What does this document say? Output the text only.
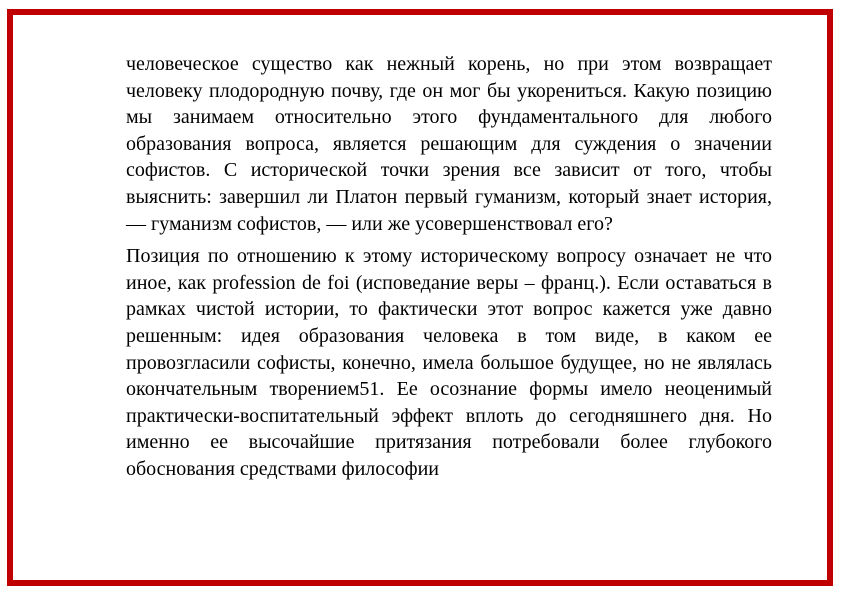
человеческое существо как нежный корень, но при этом возвращает человеку плодородную почву, где он мог бы укорениться. Какую позицию мы занимаем относительно этого фундаментального для любого образования вопроса, является решающим для суждения о значении софистов. С исторической точки зрения все зависит от того, чтобы выяснить: завершил ли Платон первый гуманизм, который знает история, — гуманизм софистов, — или же усовершенствовал его?

Позиция по отношению к этому историческому вопросу означает не что иное, как profession de foi (исповедание веры – франц.). Если оставаться в рамках чистой истории, то фактически этот вопрос кажется уже давно решенным: идея образования человека в том виде, в каком ее провозгласили софисты, конечно, имела большое будущее, но не являлась окончательным творением51. Ее осознание формы имело неоценимый практически-воспитательный эффект вплоть до сегодняшнего дня. Но именно ее высочайшие притязания потребовали более глубокого обоснования средствами философии
